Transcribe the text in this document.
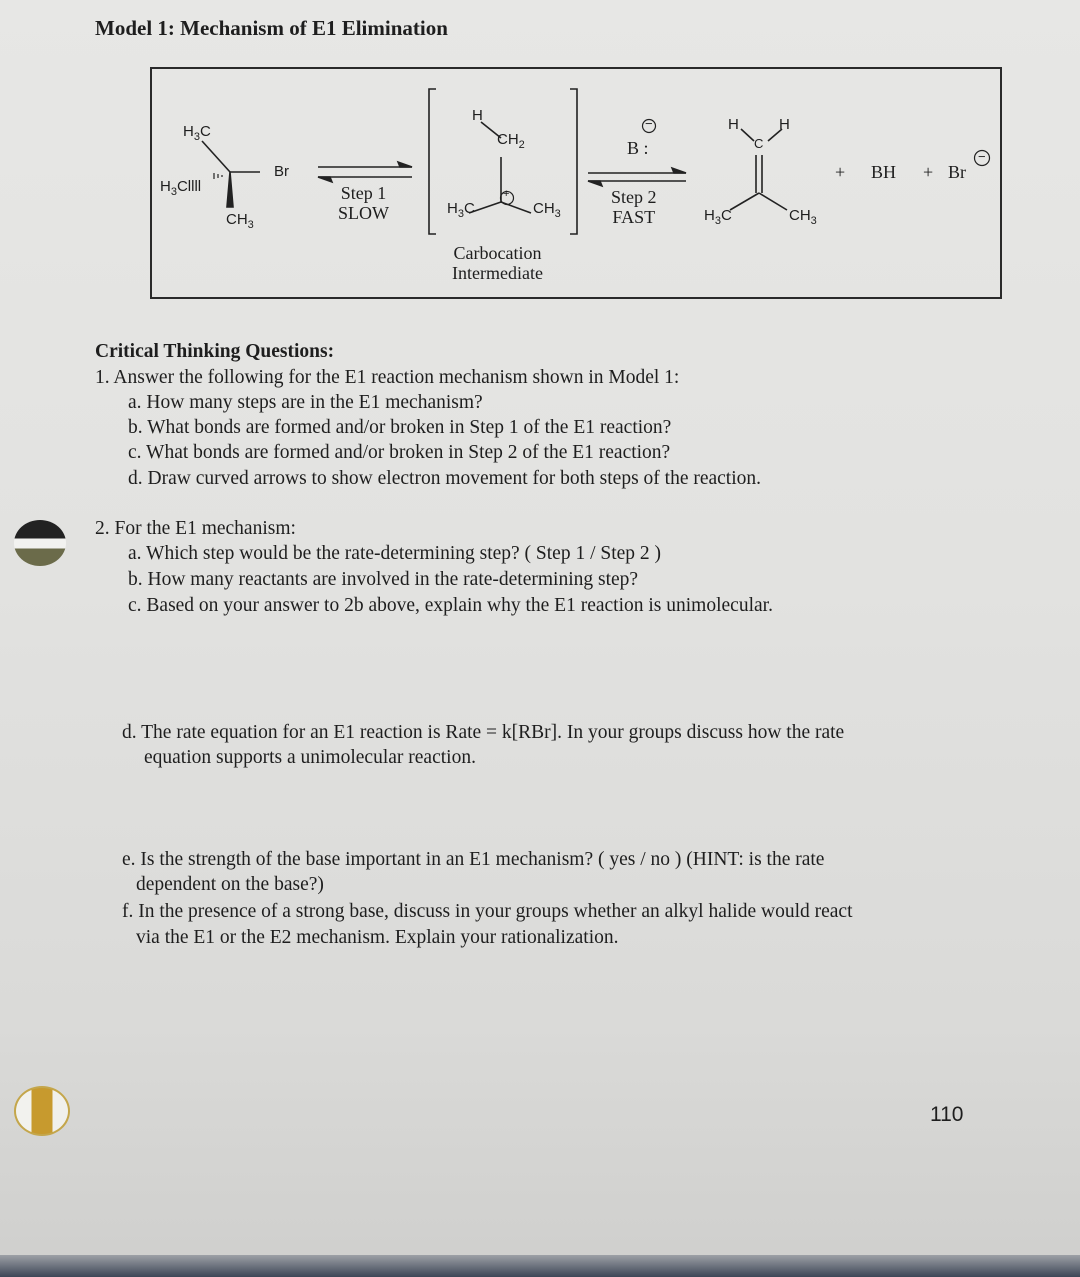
Model 1: Mechanism of E1 Elimination
$H_3C$
$H_3Cllll$
Br
$CH_3$
Step 1
SLOW
H
$CH_2$
$H_3C$	$CH_3$
+
Carbocation
Intermediate
B :
−
Step 2
FAST
H	H
C
$H_3C$	$CH_3$
+ BH + Br
−
Critical Thinking Questions:
1. Answer the following for the E1 reaction mechanism shown in Model 1:
a. How many steps are in the E1 mechanism?
b. What bonds are formed and/or broken in Step 1 of the E1 reaction?
c. What bonds are formed and/or broken in Step 2 of the E1 reaction?
d. Draw curved arrows to show electron movement for both steps of the reaction.
2. For the E1 mechanism:
a. Which step would be the rate-determining step? ( Step 1 / Step 2 )
b. How many reactants are involved in the rate-determining step?
c. Based on your answer to 2b above, explain why the E1 reaction is unimolecular.
d. The rate equation for an E1 reaction is Rate = k[RBr]. In your groups discuss how the rate
equation supports a unimolecular reaction.
e. Is the strength of the base important in an E1 mechanism? ( yes / no ) (HINT: is the rate
dependent on the base?)
f. In the presence of a strong base, discuss in your groups whether an alkyl halide would react
via the E1 or the E2 mechanism. Explain your rationalization.
110
